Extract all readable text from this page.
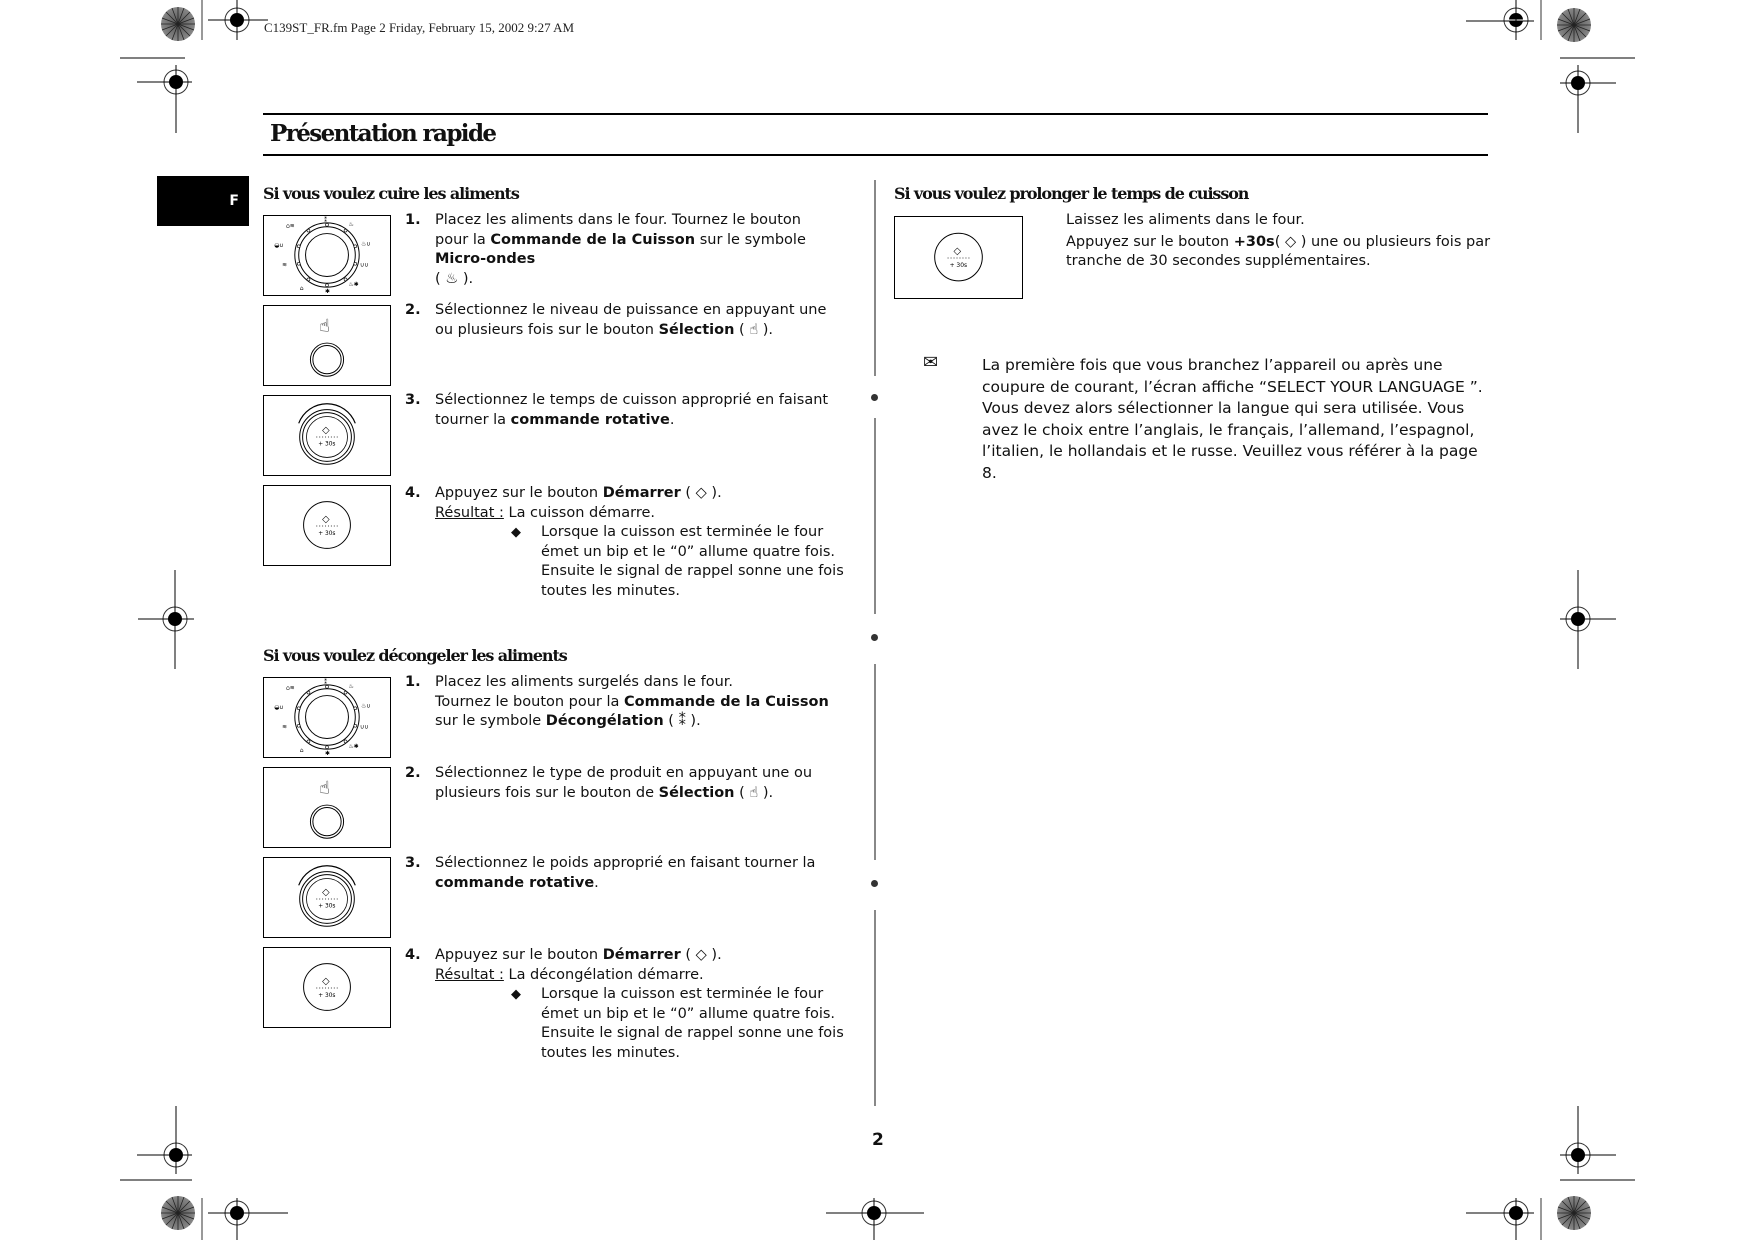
C139ST_FR.fm Page 2 Friday, February 15, 2002 9:27 AM
Présentation rapide
F Si vous voulez cuire les aliments
1. Placez les aliments dans le four. Tournez le bouton pour la Commande de la Cuisson sur le symbole Micro-ondes
( ♨ ).
2. Sélectionnez le niveau de puissance en appuyant une ou plusieurs fois sur le bouton Sélection ( ☝ ).
3. Sélectionnez le temps de cuisson approprié en faisant tourner la commande rotative.
4. Appuyez sur le bouton Démarrer ( ◇ ).
Résultat : La cuisson démarre.
◆ Lorsque la cuisson est terminée le four émet un bip et le “0” allume quatre fois. Ensuite le signal de rappel sonne une fois toutes les minutes.
Si vous voulez décongeler les aliments
1. Placez les aliments surgelés dans le four.
Tournez le bouton pour la Commande de la Cuisson sur le symbole Décongélation ( ⁑ ).
2. Sélectionnez le type de produit en appuyant une ou plusieurs fois sur le bouton de Sélection ( ☝ ).
3. Sélectionnez le poids approprié en faisant tourner la commande rotative.
4. Appuyez sur le bouton Démarrer ( ◇ ).
Résultat : La décongélation démarre.
◆ Lorsque la cuisson est terminée le four émet un bip et le “0” allume quatre fois. Ensuite le signal de rappel sonne une fois toutes les minutes.
Si vous voulez prolonger le temps de cuisson
Laissez les aliments dans le four.
Appuyez sur le bouton +30s( ◇ ) une ou plusieurs fois par tranche de 30 secondes supplémentaires.
✉	La première fois que vous branchez l’appareil ou après une coupure de courant, l’écran affiche “SELECT YOUR LANGUAGE ”. Vous devez alors sélectionner la langue qui sera utilisée. Vous avez le choix entre l’anglais, le français, l’allemand, l’espagnol, l’italien, le hollandais et le russe. Veuillez vous référer à la page 8.
2
